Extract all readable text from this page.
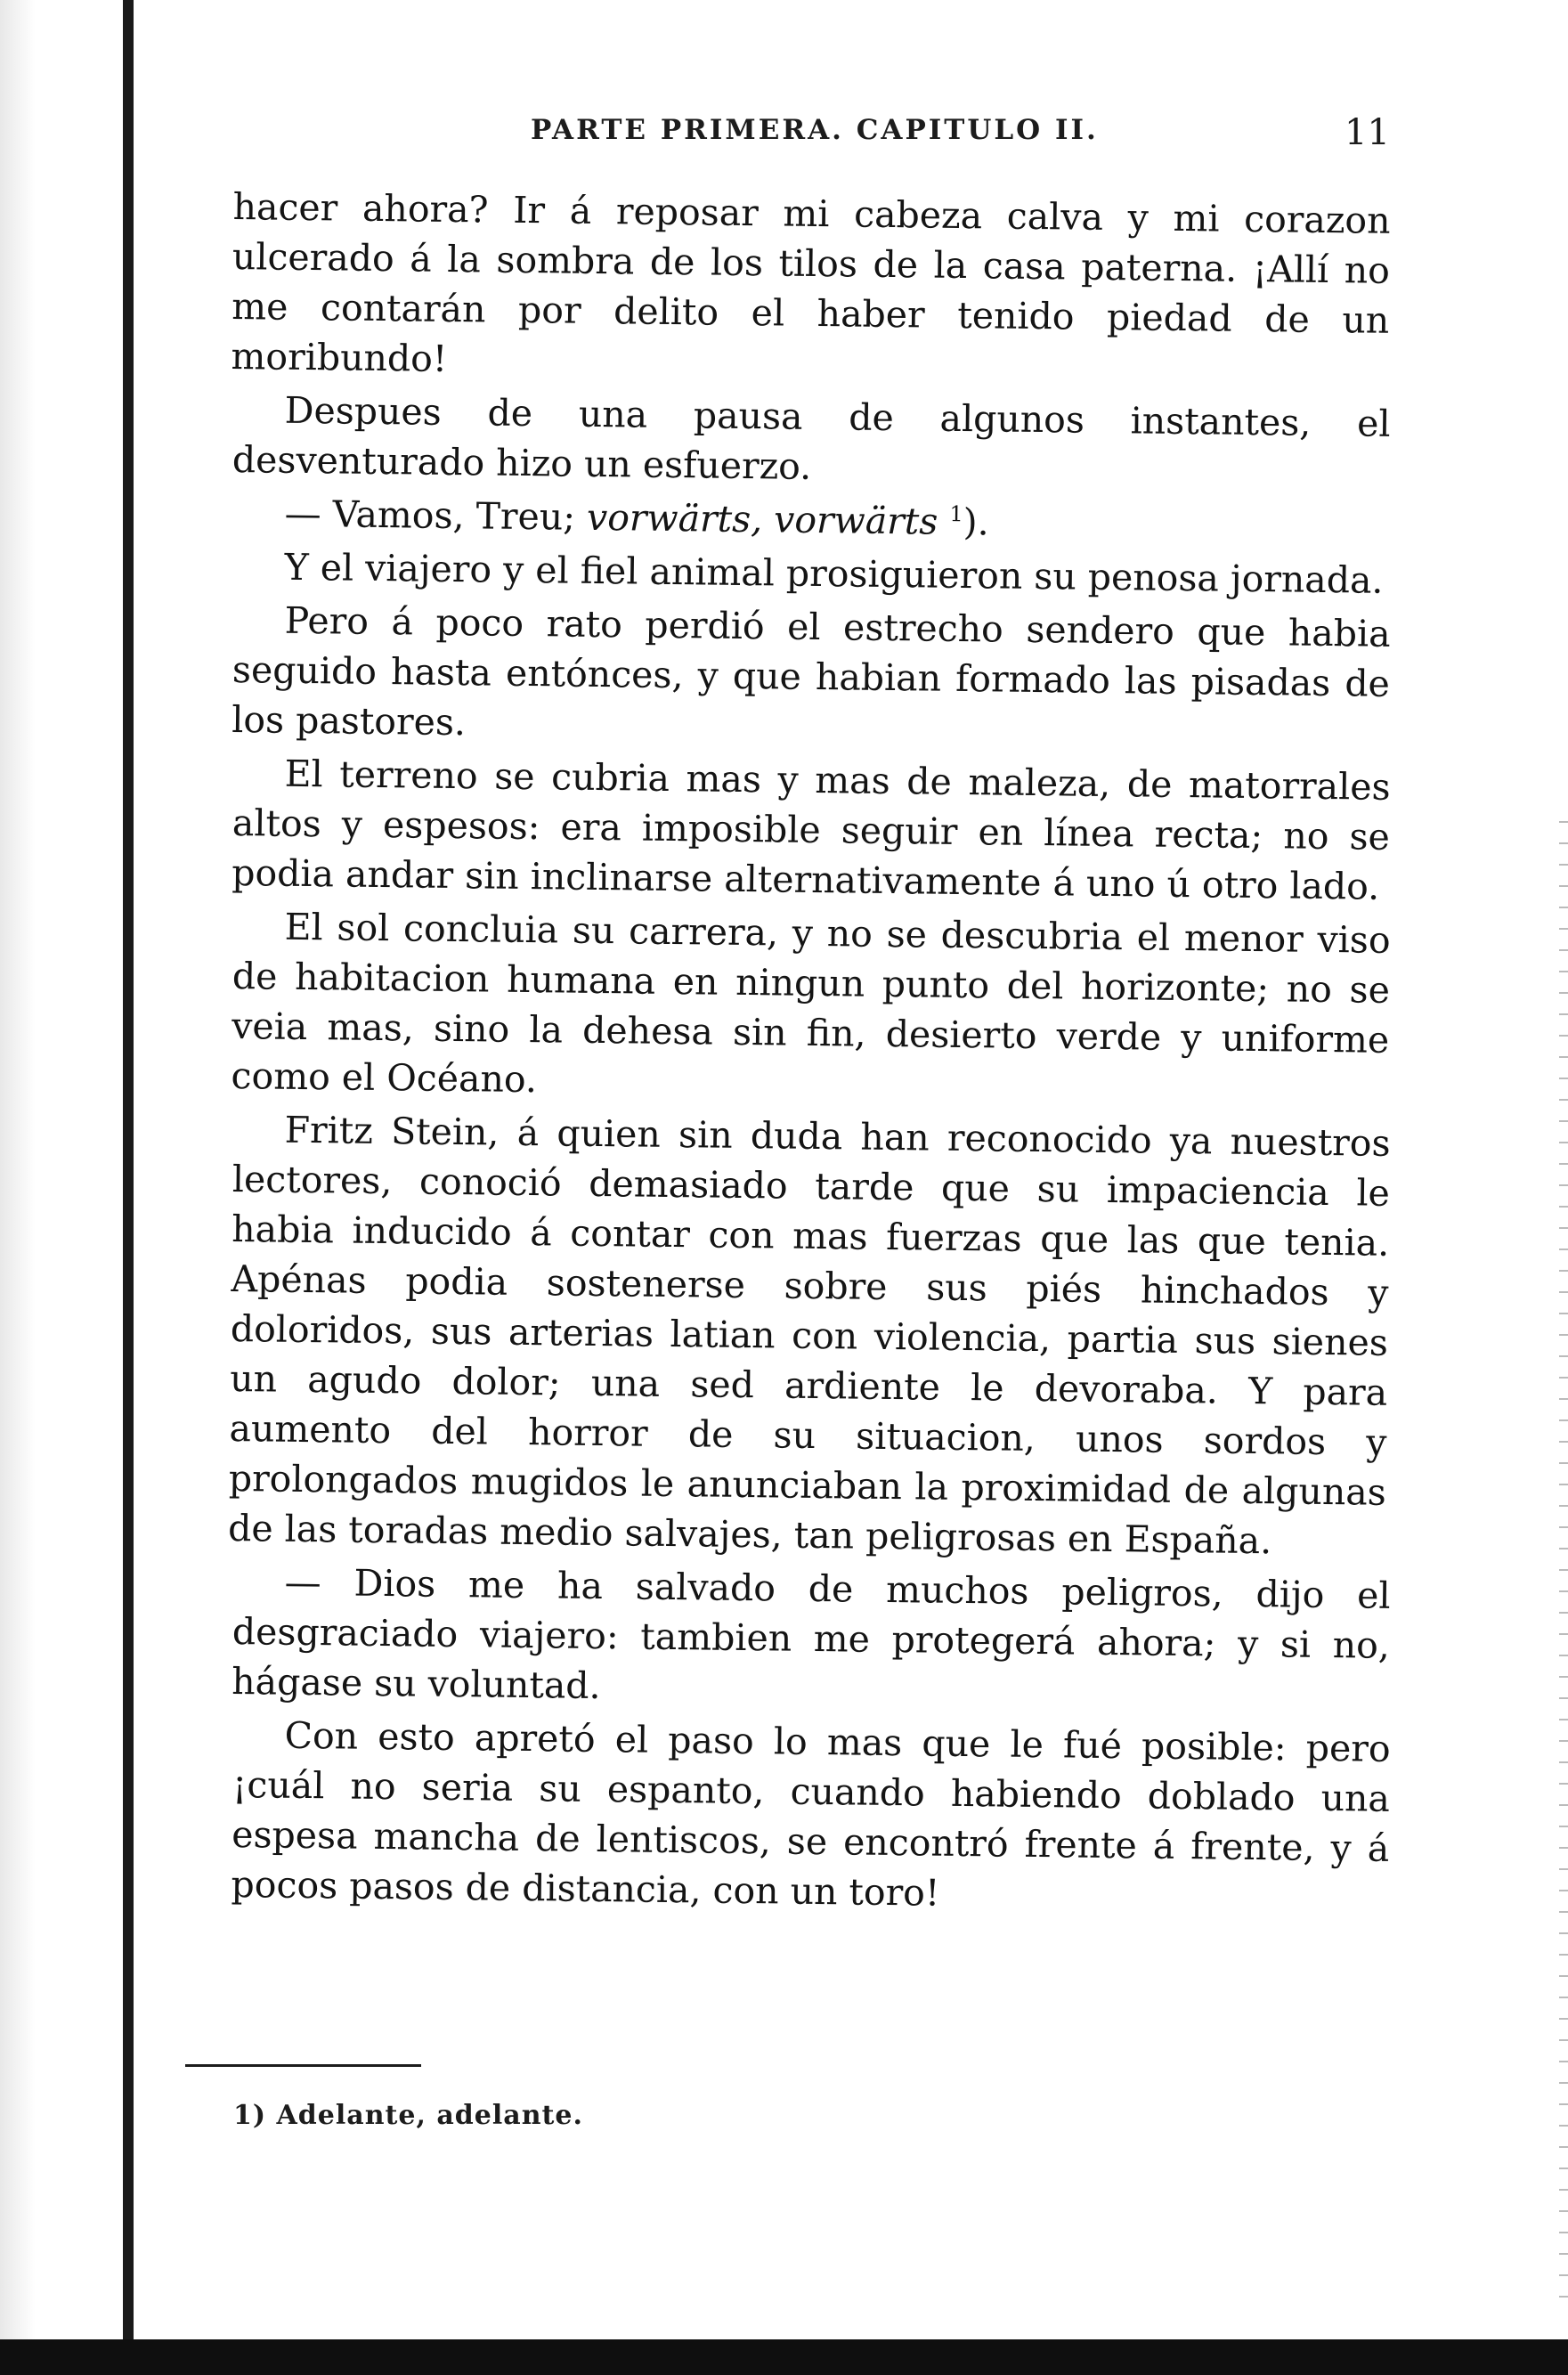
PARTE PRIMERA. CAPITULO II.	11

hacer ahora? Ir á reposar mi cabeza calva y mi corazon ulcerado á la sombra de los tilos de la casa paterna. ¡Allí no me contarán por delito el haber tenido piedad de un moribundo!

Despues de una pausa de algunos instantes, el desventurado hizo un esfuerzo.

— Vamos, Treu; vorwärts, vorwärts $^1$).

Y el viajero y el fiel animal prosiguieron su penosa jornada.

Pero á poco rato perdió el estrecho sendero que habia seguido hasta entónces, y que habian formado las pisadas de los pastores.

El terreno se cubria mas y mas de maleza, de matorrales altos y espesos: era imposible seguir en línea recta; no se podia andar sin inclinarse alternativamente á uno ú otro lado.

El sol concluia su carrera, y no se descubria el menor viso de habitacion humana en ningun punto del horizonte; no se veia mas, sino la dehesa sin fin, desierto verde y uniforme como el Océano.

Fritz Stein, á quien sin duda han reconocido ya nuestros lectores, conoció demasiado tarde que su impaciencia le habia inducido á contar con mas fuerzas que las que tenia. Apénas podia sostenerse sobre sus piés hinchados y doloridos, sus arterias latian con violencia, partia sus sienes un agudo dolor; una sed ardiente le devoraba. Y para aumento del horror de su situacion, unos sordos y prolongados mugidos le anunciaban la proximidad de algunas de las toradas medio salvajes, tan peligrosas en España.

— Dios me ha salvado de muchos peligros, dijo el desgraciado viajero: tambien me protegerá ahora; y si no, hágase su voluntad.

Con esto apretó el paso lo mas que le fué posible: pero ¡cuál no seria su espanto, cuando habiendo doblado una espesa mancha de lentiscos, se encontró frente á frente, y á pocos pasos de distancia, con un toro!

1) Adelante, adelante.
